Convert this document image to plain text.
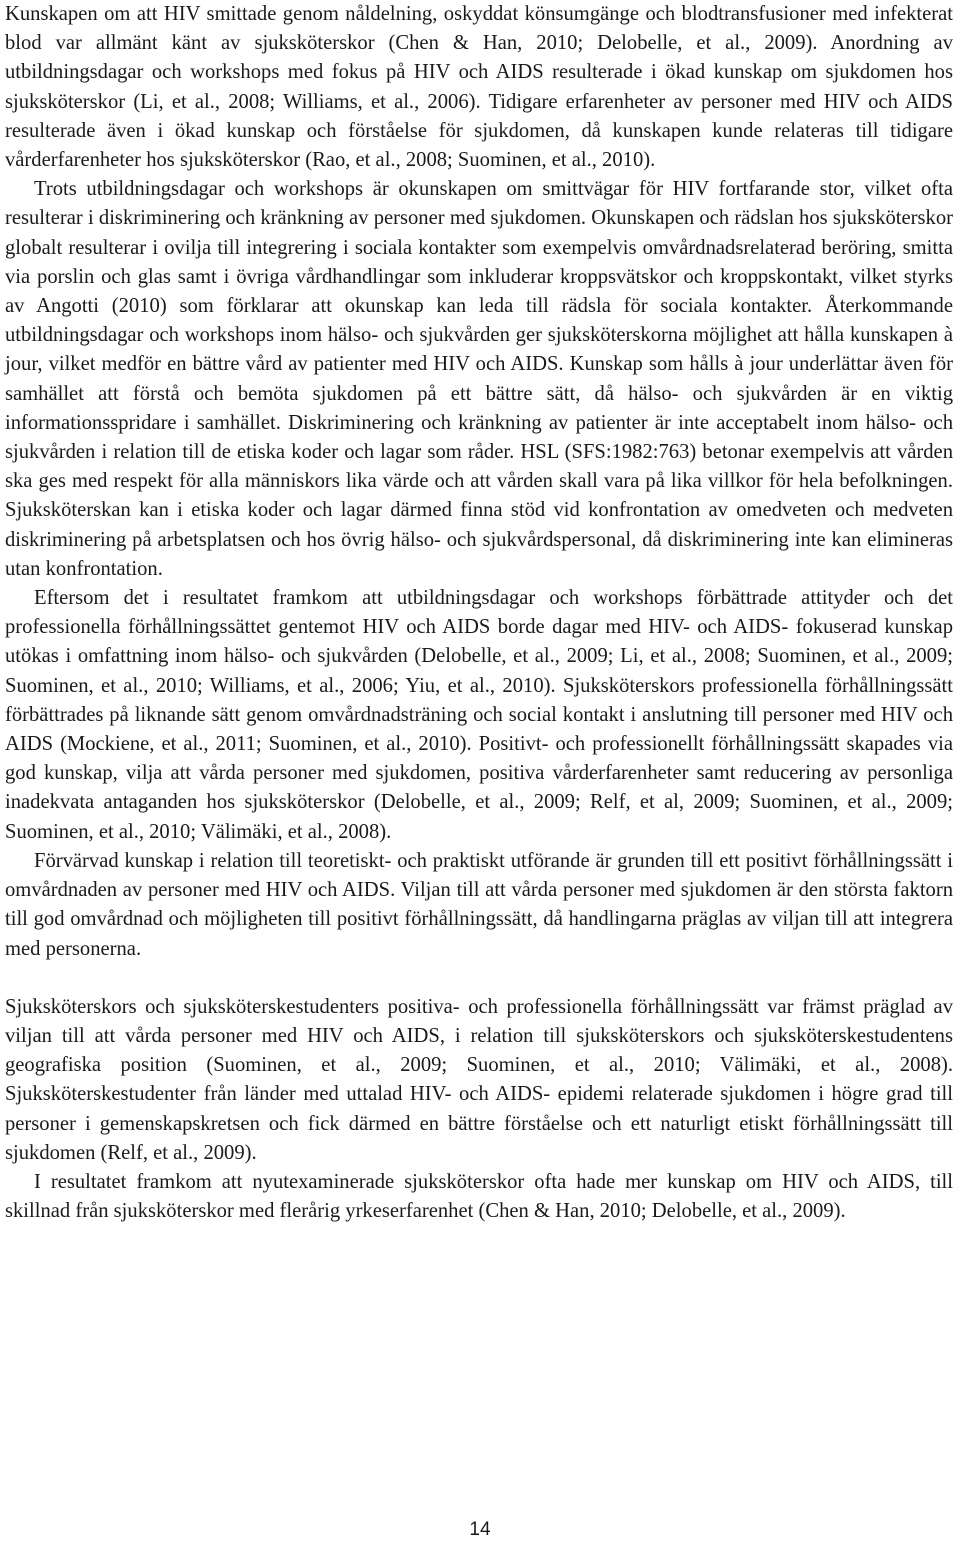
Kunskapen om att HIV smittade genom nåldelning, oskyddat könsumgänge och blodtransfusioner med infekterat blod var allmänt känt av sjuksköterskor (Chen & Han, 2010; Delobelle, et al., 2009). Anordning av utbildningsdagar och workshops med fokus på HIV och AIDS resulterade i ökad kunskap om sjukdomen hos sjuksköterskor (Li, et al., 2008; Williams, et al., 2006). Tidigare erfarenheter av personer med HIV och AIDS resulterade även i ökad kunskap och förståelse för sjukdomen, då kunskapen kunde relateras till tidigare vårderfarenheter hos sjuksköterskor (Rao, et al., 2008; Suominen, et al., 2010).

Trots utbildningsdagar och workshops är okunskapen om smittvägar för HIV fortfarande stor, vilket ofta resulterar i diskriminering och kränkning av personer med sjukdomen. Okunskapen och rädslan hos sjuksköterskor globalt resulterar i ovilja till integrering i sociala kontakter som exempelvis omvårdnadsrelaterad beröring, smitta via porslin och glas samt i övriga vårdhandlingar som inkluderar kroppsvätskor och kroppskontakt, vilket styrks av Angotti (2010) som förklarar att okunskap kan leda till rädsla för sociala kontakter. Återkommande utbildningsdagar och workshops inom hälso- och sjukvården ger sjuksköterskorna möjlighet att hålla kunskapen à jour, vilket medför en bättre vård av patienter med HIV och AIDS. Kunskap som hålls à jour underlättar även för samhället att förstå och bemöta sjukdomen på ett bättre sätt, då hälso- och sjukvården är en viktig informationsspridare i samhället. Diskriminering och kränkning av patienter är inte acceptabelt inom hälso- och sjukvården i relation till de etiska koder och lagar som råder. HSL (SFS:1982:763) betonar exempelvis att vården ska ges med respekt för alla människors lika värde och att vården skall vara på lika villkor för hela befolkningen. Sjuksköterskan kan i etiska koder och lagar därmed finna stöd vid konfrontation av omedveten och medveten diskriminering på arbetsplatsen och hos övrig hälso- och sjukvårdspersonal, då diskriminering inte kan elimineras utan konfrontation.

Eftersom det i resultatet framkom att utbildningsdagar och workshops förbättrade attityder och det professionella förhållningssättet gentemot HIV och AIDS borde dagar med HIV- och AIDS- fokuserad kunskap utökas i omfattning inom hälso- och sjukvården (Delobelle, et al., 2009; Li, et al., 2008; Suominen, et al., 2009; Suominen, et al., 2010; Williams, et al., 2006; Yiu, et al., 2010). Sjuksköterskors professionella förhållningssätt förbättrades på liknande sätt genom omvårdnadsträning och social kontakt i anslutning till personer med HIV och AIDS (Mockiene, et al., 2011; Suominen, et al., 2010). Positivt- och professionellt förhållningssätt skapades via god kunskap, vilja att vårda personer med sjukdomen, positiva vårderfarenheter samt reducering av personliga inadekvata antaganden hos sjuksköterskor (Delobelle, et al., 2009; Relf, et al, 2009; Suominen, et al., 2009; Suominen, et al., 2010; Välimäki, et al., 2008).

Förvärvad kunskap i relation till teoretiskt- och praktiskt utförande är grunden till ett positivt förhållningssätt i omvårdnaden av personer med HIV och AIDS. Viljan till att vårda personer med sjukdomen är den största faktorn till god omvårdnad och möjligheten till positivt förhållningssätt, då handlingarna präglas av viljan till att integrera med personerna.

Sjuksköterskors och sjuksköterskestudenters positiva- och professionella förhållningssätt var främst präglad av viljan till att vårda personer med HIV och AIDS, i relation till sjuksköterskors och sjuksköterskestudentens geografiska position (Suominen, et al., 2009; Suominen, et al., 2010; Välimäki, et al., 2008). Sjuksköterskestudenter från länder med uttalad HIV- och AIDS- epidemi relaterade sjukdomen i högre grad till personer i gemenskapskretsen och fick därmed en bättre förståelse och ett naturligt etiskt förhållningssätt till sjukdomen (Relf, et al., 2009).

I resultatet framkom att nyutexaminerade sjuksköterskor ofta hade mer kunskap om HIV och AIDS, till skillnad från sjuksköterskor med flerårig yrkeserfarenhet (Chen & Han, 2010; Delobelle, et al., 2009).

14
